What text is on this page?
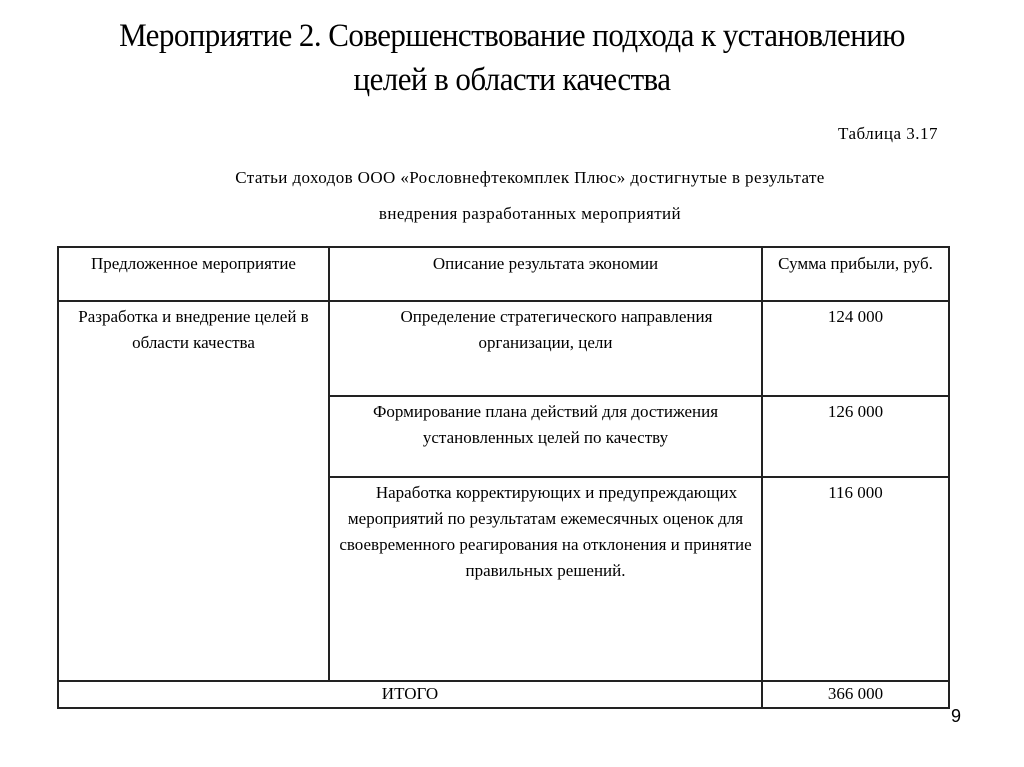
Мероприятие 2. Совершенствование подхода к установлению
целей в области качества
Таблица 3.17
Статьи доходов ООО «Рословнефтекомплек Плюс» достигнутые в результате
внедрения разработанных мероприятий
Предложенное мероприятие	Описание результата экономии	Сумма прибыли, руб.
Разработка и внедрение целей в области качества	Определение стратегического направления организации, цели	124 000
	Формирование плана действий для достижения установленных целей по качеству	126 000
	Наработка корректирующих и предупреждающих мероприятий по результатам ежемесячных оценок для своевременного реагирования на отклонения и принятие правильных решений.	116 000
ИТОГО		366 000
9
